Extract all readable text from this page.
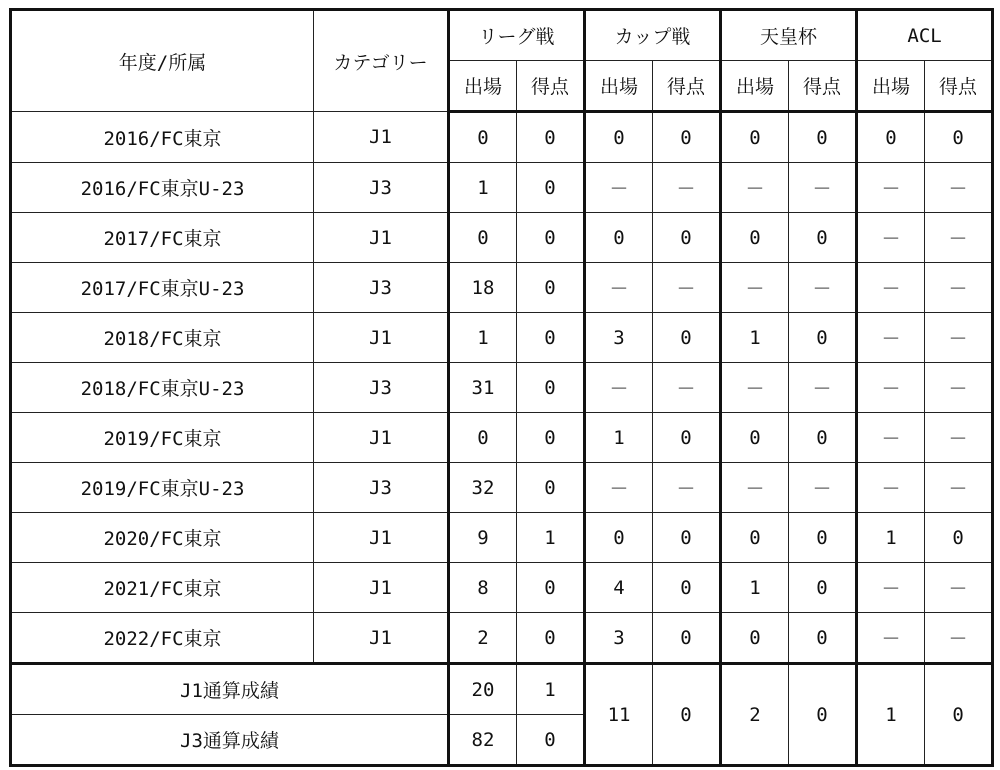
年度/所属	カテゴリー	リーグ戦		カップ戦		天皇杯		ACL	
		出場	得点	出場	得点	出場	得点	出場	得点
2016/FC東京	J1	0	0	0	0	0	0	0	0
2016/FC東京U-23	J3	1	0	－	－	－	－	－	－
2017/FC東京	J1	0	0	0	0	0	0	－	－
2017/FC東京U-23	J3	18	0	－	－	－	－	－	－
2018/FC東京	J1	1	0	3	0	1	0	－	－
2018/FC東京U-23	J3	31	0	－	－	－	－	－	－
2019/FC東京	J1	0	0	1	0	0	0	－	－
2019/FC東京U-23	J3	32	0	－	－	－	－	－	－
2020/FC東京	J1	9	1	0	0	0	0	1	0
2021/FC東京	J1	8	0	4	0	1	0	－	－
2022/FC東京	J1	2	0	3	0	0	0	－	－
J1通算成績		20	1	11	0	2	0	1	0
J3通算成績		82	0						
